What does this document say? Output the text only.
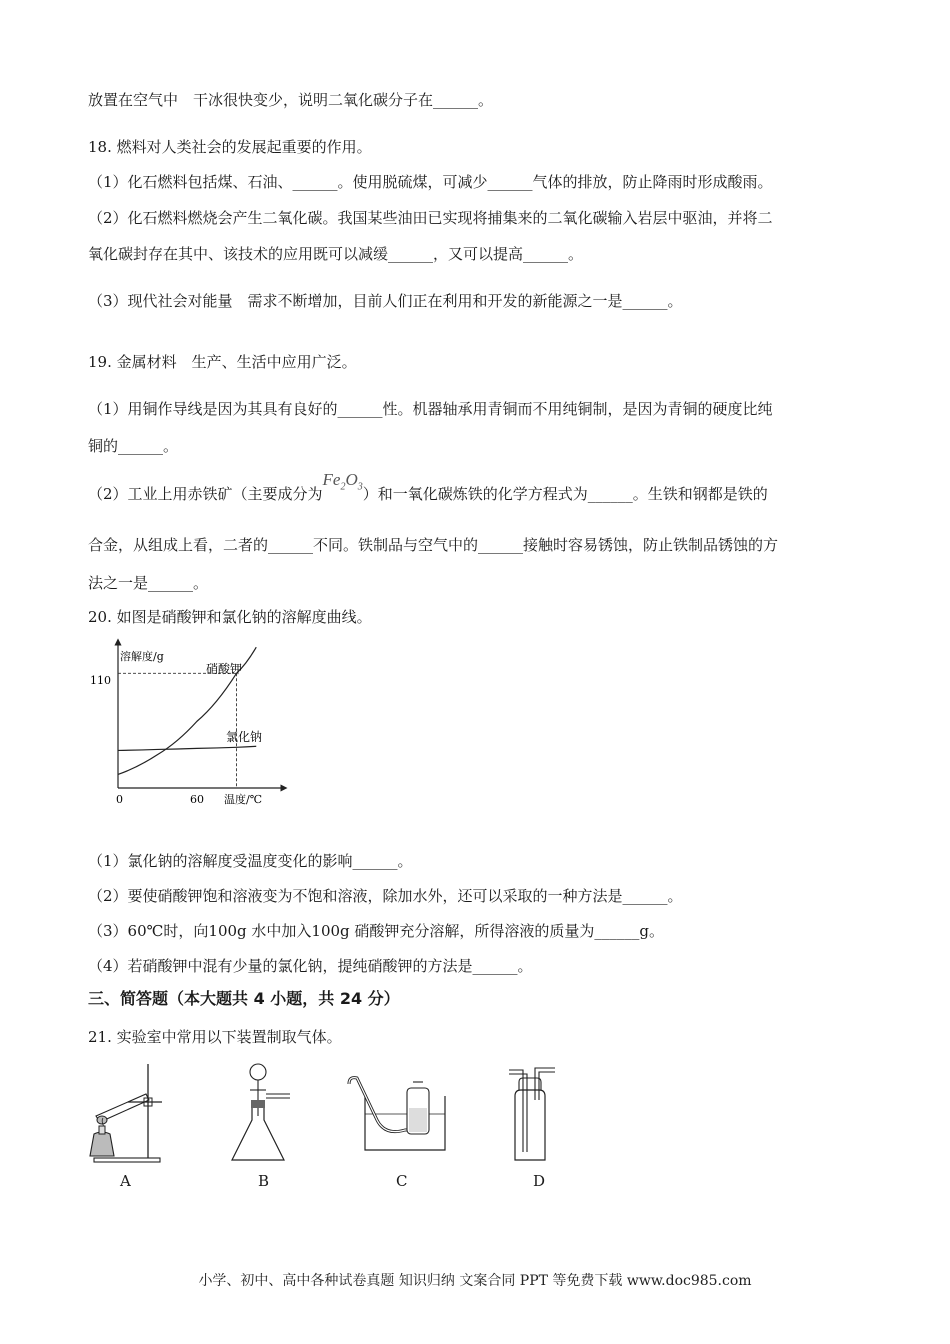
放置在空气中　干冰很快变少，说明二氧化碳分子在______。
18. 燃料对人类社会的发展起重要的作用。
（1）化石燃料包括煤、石油、______。使用脱硫煤，可减少______气体的排放，防止降雨时形成酸雨。
（2）化石燃料燃烧会产生二氧化碳。我国某些油田已实现将捕集来的二氧化碳输入岩层中驱油，并将二
氧化碳封存在其中、该技术的应用既可以减缓______，又可以提高______。
（3）现代社会对能量　需求不断增加，目前人们正在利用和开发的新能源之一是______。
19. 金属材料　生产、生活中应用广泛。
（1）用铜作导线是因为其具有良好的______性。机器轴承用青铜而不用纯铜制，是因为青铜的硬度比纯
铜的______。
（2）工业上用赤铁矿（主要成分为$Fe_2O_3$）和一氧化碳炼铁的化学方程式为______。生铁和钢都是铁的
合金，从组成上看，二者的______不同。铁制品与空气中的______接触时容易锈蚀，防止铁制品锈蚀的方
法之一是______。
20. 如图是硝酸钾和氯化钠的溶解度曲线。
溶解度/g
温度/℃
0	60
110
硝酸钾
氯化钠
（1）氯化钠的溶解度受温度变化的影响______。
（2）要使硝酸钾饱和溶液变为不饱和溶液，除加水外，还可以采取的一种方法是______。
（3）60℃时，向100g 水中加入100g 硝酸钾充分溶解，所得溶液的质量为______g。
（4）若硝酸钾中混有少量的氯化钠，提纯硝酸钾的方法是______。
三、简答题（本大题共 4 小题，共 24 分）
21. 实验室中常用以下装置制取气体。
A	B	C	D
小学、初中、高中各种试卷真题 知识归纳 文案合同 PPT 等免费下载 www.doc985.com
